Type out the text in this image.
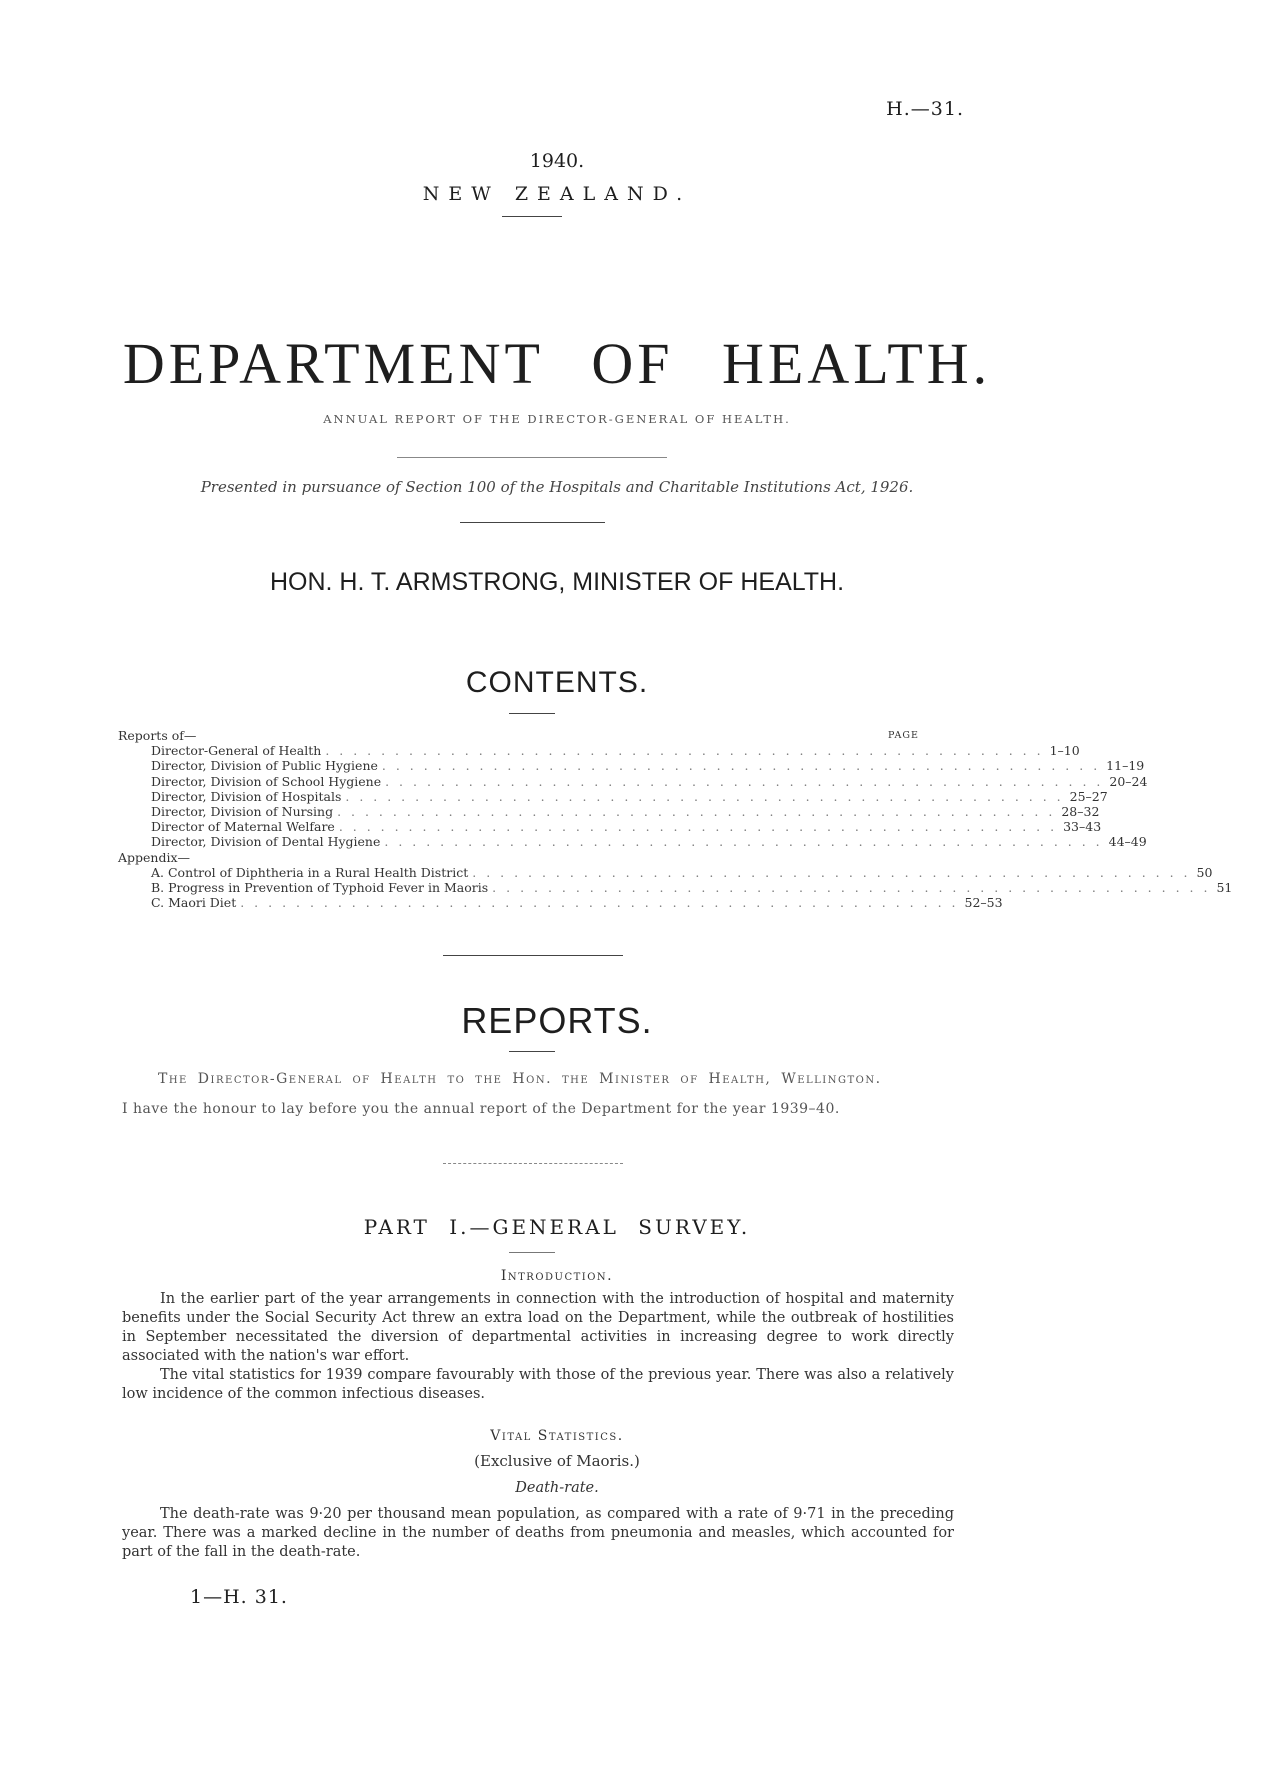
H.—31.
1940.
NEW ZEALAND.
DEPARTMENT OF HEALTH.
ANNUAL REPORT OF THE DIRECTOR-GENERAL OF HEALTH.
Presented in pursuance of Section 100 of the Hospitals and Charitable Institutions Act, 1926.
HON. H. T. ARMSTRONG, MINISTER OF HEALTH.
CONTENTS.
Reports of—	PAGE
Director-General of Health . . . . . . . . . . . . . . . . . . . . . . . . . . . . . . . . . . . . . . . . . . . . . . . . . . . . 1–10
Director, Division of Public Hygiene . . . . . . . . . . . . . . . . . . . . . . . . . . . . . . . . . . . . . . . . . . . . . . . . . . . . 11–19
Director, Division of School Hygiene . . . . . . . . . . . . . . . . . . . . . . . . . . . . . . . . . . . . . . . . . . . . . . . . . . . . 20–24
Director, Division of Hospitals . . . . . . . . . . . . . . . . . . . . . . . . . . . . . . . . . . . . . . . . . . . . . . . . . . . . 25–27
Director, Division of Nursing . . . . . . . . . . . . . . . . . . . . . . . . . . . . . . . . . . . . . . . . . . . . . . . . . . . . 28–32
Director of Maternal Welfare . . . . . . . . . . . . . . . . . . . . . . . . . . . . . . . . . . . . . . . . . . . . . . . . . . . . 33–43
Director, Division of Dental Hygiene . . . . . . . . . . . . . . . . . . . . . . . . . . . . . . . . . . . . . . . . . . . . . . . . . . . . 44–49
Appendix—
A. Control of Diphtheria in a Rural Health District . . . . . . . . . . . . . . . . . . . . . . . . . . . . . . . . . . . . . . . . . . . . . . . . . . . . 50
B. Progress in Prevention of Typhoid Fever in Maoris . . . . . . . . . . . . . . . . . . . . . . . . . . . . . . . . . . . . . . . . . . . . . . . . . . . . 51
C. Maori Diet . . . . . . . . . . . . . . . . . . . . . . . . . . . . . . . . . . . . . . . . . . . . . . . . . . . . 52–53
REPORTS.
The Director-General of Health to the Hon. the Minister of Health, Wellington.
I have the honour to lay before you the annual report of the Department for the year 1939–40.
PART I.—GENERAL SURVEY.
Introduction.

In the earlier part of the year arrangements in connection with the introduction of hospital and maternity benefits under the Social Security Act threw an extra load on the Department, while the outbreak of hostilities in September necessitated the diversion of departmental activities in increasing degree to work directly associated with the nation's war effort.

The vital statistics for 1939 compare favourably with those of the previous year. There was also a relatively low incidence of the common infectious diseases.

Vital Statistics.
(Exclusive of Maoris.)
Death-rate.

The death-rate was 9·20 per thousand mean population, as compared with a rate of 9·71 in the preceding year. There was a marked decline in the number of deaths from pneumonia and measles, which accounted for part of the fall in the death-rate.

1—H. 31.
